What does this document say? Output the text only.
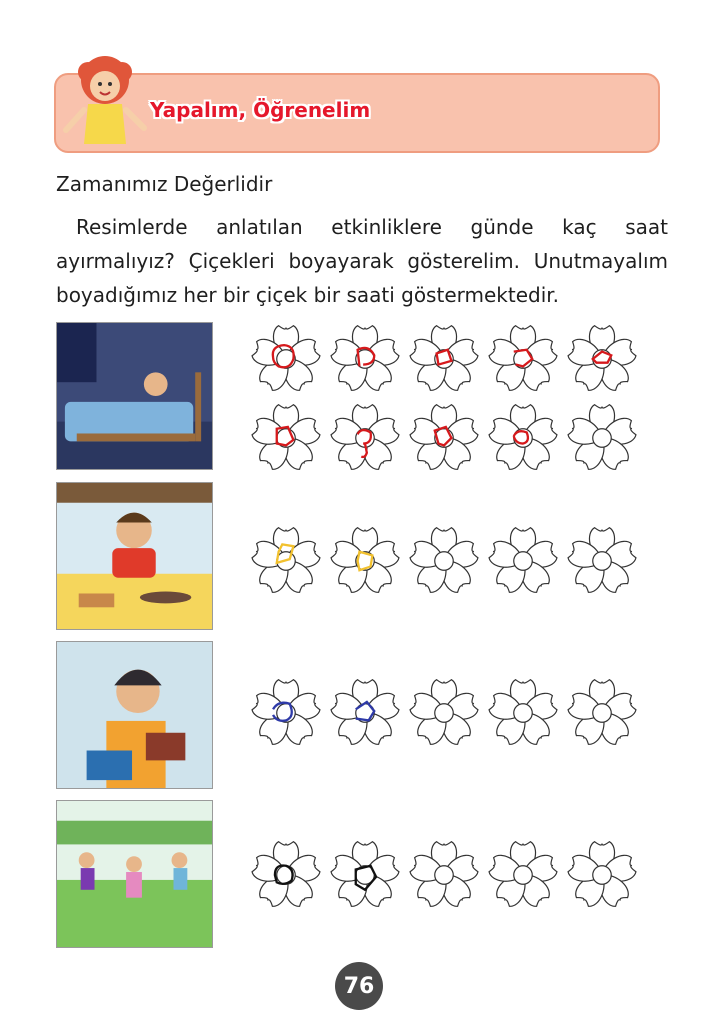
Yapalım, Öğrenelim
Zamanımız Değerlidir

Resimlerde anlatılan etkinliklere günde kaç saat ayırmalıyız? Çiçekleri boyayarak gösterelim. Unutmayalım boyadığımız her bir çiçek bir saati göstermektedir.

76
